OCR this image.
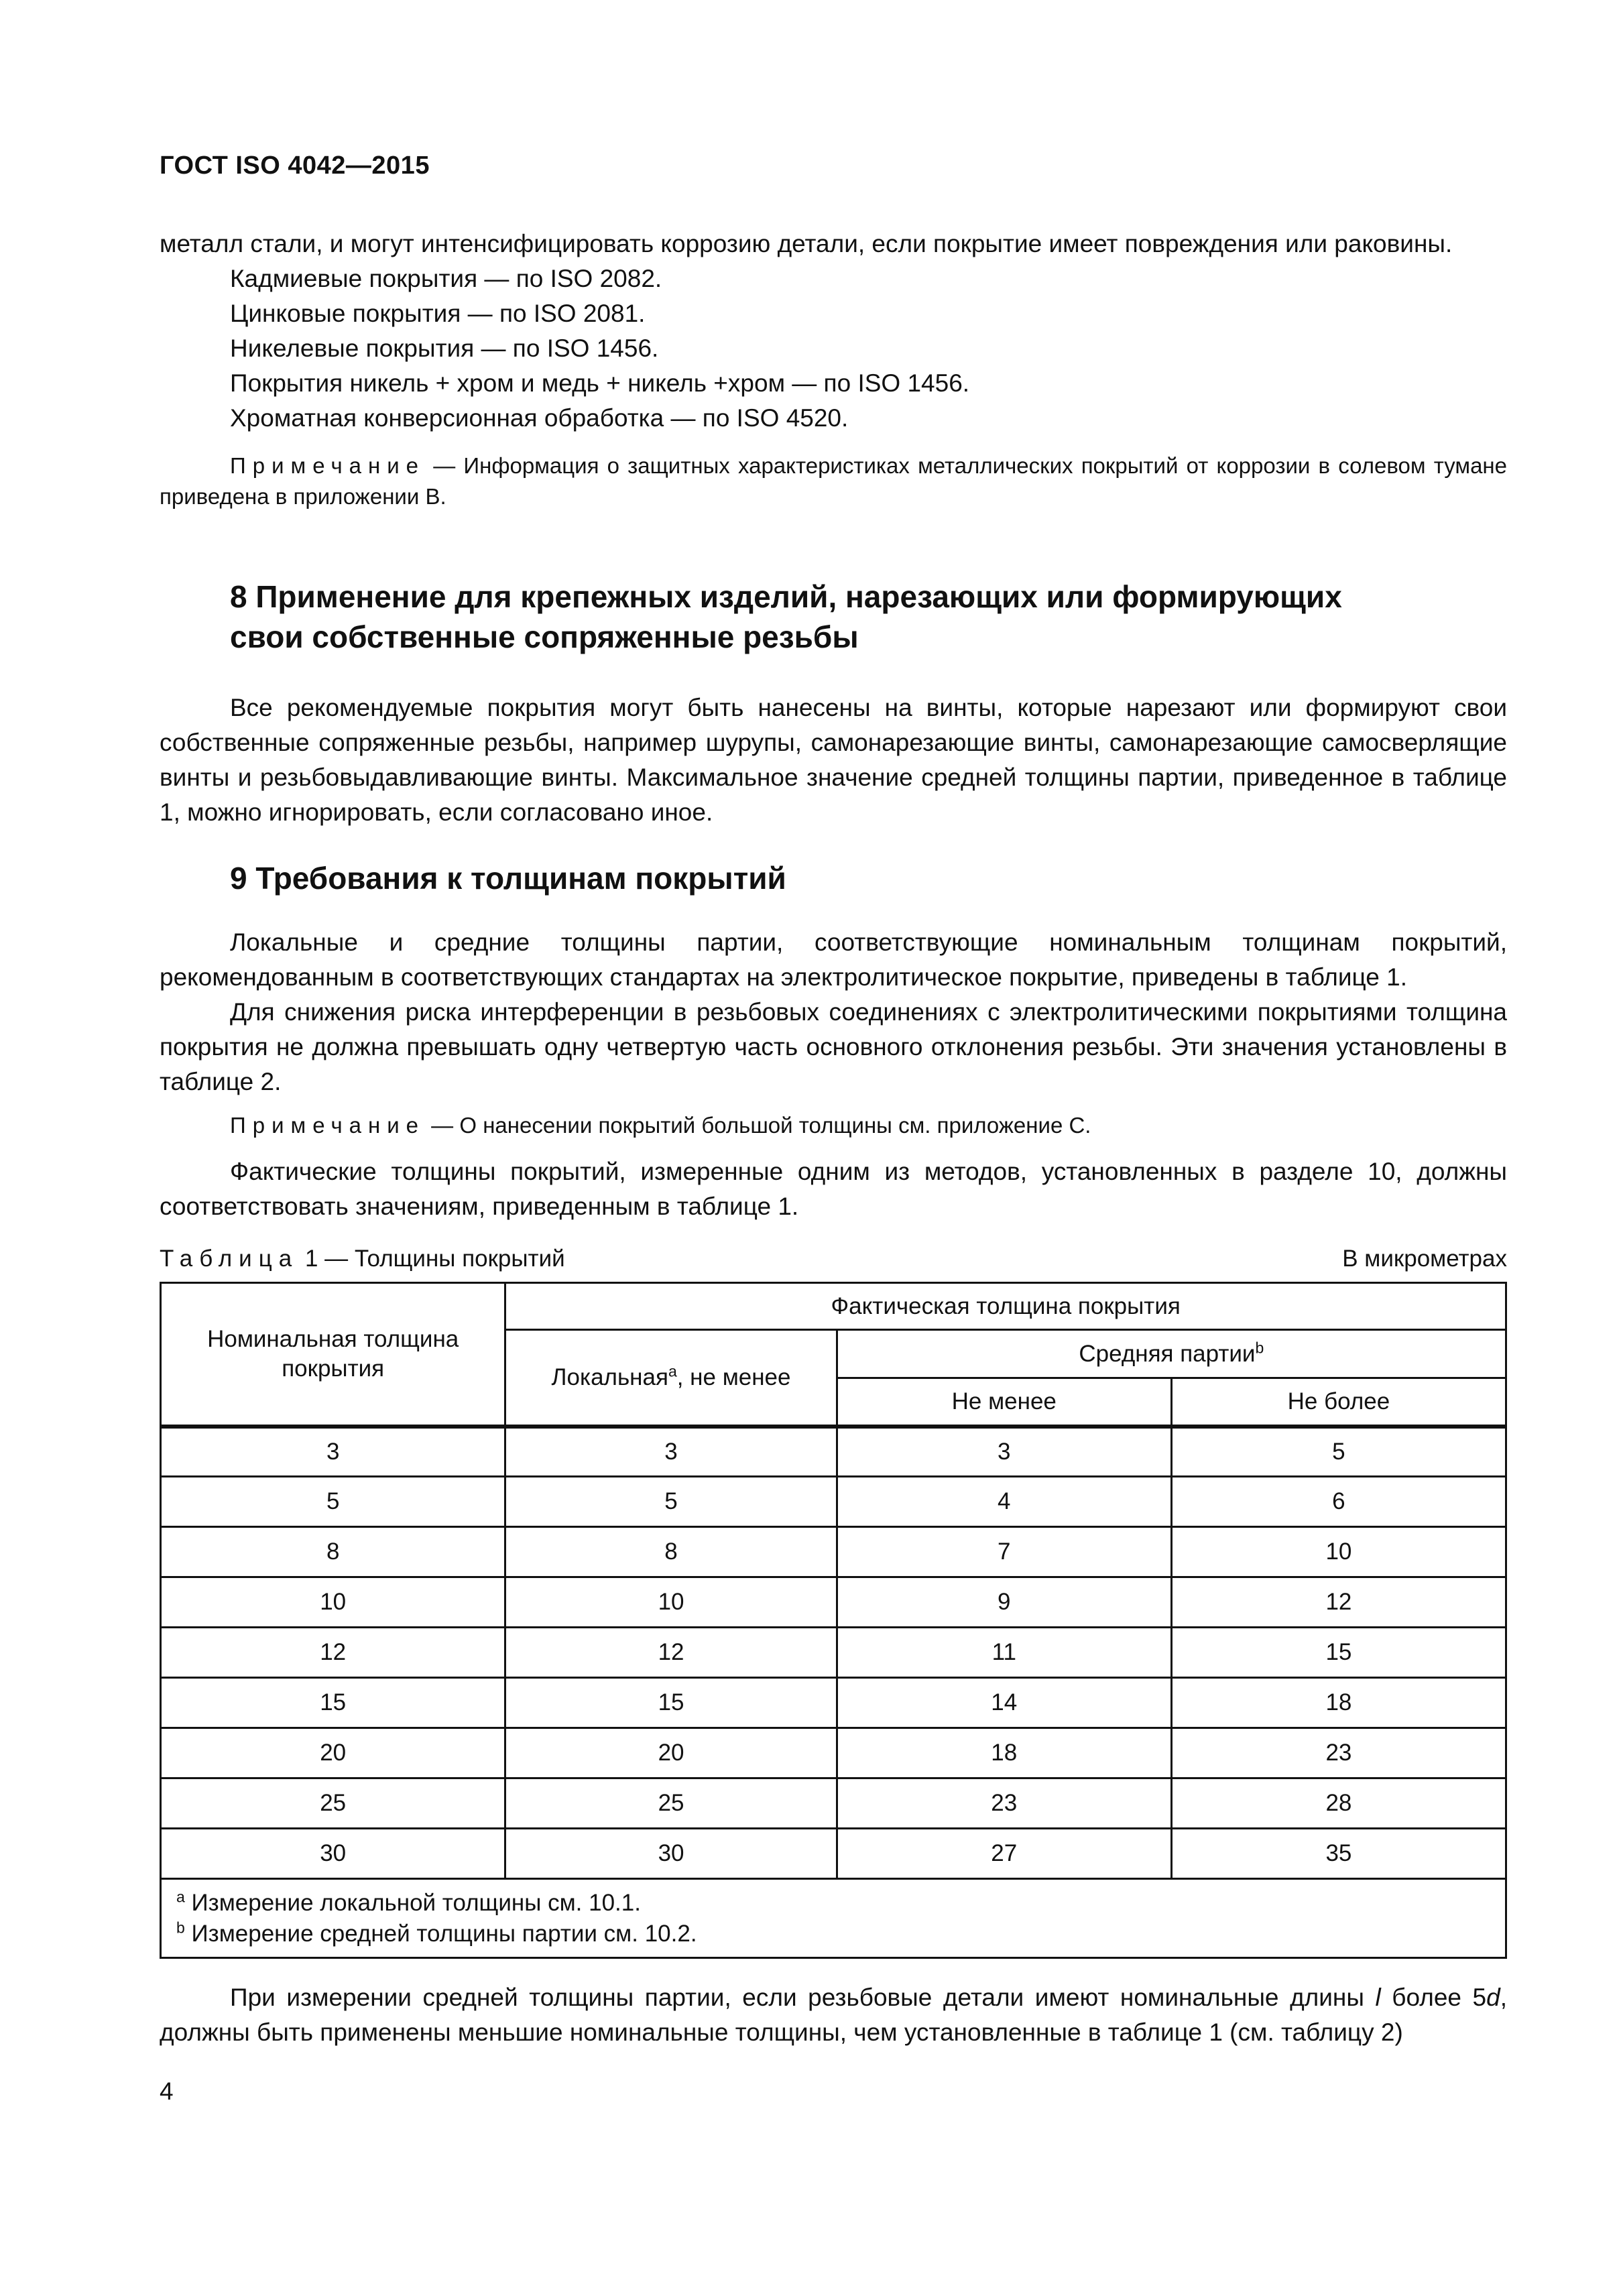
ГОСТ ISO 4042—2015
металл стали, и могут интенсифицировать коррозию детали, если покрытие имеет повреждения или раковины.
Кадмиевые покрытия — по ISO 2082.
Цинковые покрытия — по ISO 2081.
Никелевые покрытия — по ISO 1456.
Покрытия никель + хром и медь + никель +хром — по ISO 1456.
Хроматная конверсионная обработка — по ISO 4520.
Примечание — Информация о защитных характеристиках металлических покрытий от коррозии в солевом тумане приведена в приложении В.
8 Применение для крепежных изделий, нарезающих или формирующих
свои собственные сопряженные резьбы
Все рекомендуемые покрытия могут быть нанесены на винты, которые нарезают или формируют свои собственные сопряженные резьбы, например шурупы, самонарезающие винты, самонарезающие самосверлящие винты и резьбовыдавливающие винты. Максимальное значение средней толщины партии, приведенное в таблице 1, можно игнорировать, если согласовано иное.
9 Требования к толщинам покрытий
Локальные и средние толщины партии, соответствующие номинальным толщинам покрытий, рекомендованным в соответствующих стандартах на электролитическое покрытие, приведены в таблице 1.
Для снижения риска интерференции в резьбовых соединениях с электролитическими покрытиями толщина покрытия не должна превышать одну четвертую часть основного отклонения резьбы. Эти значения установлены в таблице 2.
Примечание — О нанесении покрытий большой толщины см. приложение С.
Фактические толщины покрытий, измеренные одним из методов, установленных в разделе 10, должны соответствовать значениям, приведенным в таблице 1.
Таблица 1 — Толщины покрытий	В микрометрах
Номинальная толщина покрытия	Фактическая толщина покрытия		
	Локальная$^a$, не менее	Средняя партии$^b$
		Не менее	Не более
3	3	3	5
5	5	4	6
8	8	7	10
10	10	9	12
12	12	11	15
15	15	14	18
20	20	18	23
25	25	23	28
30	30	27	35

$^a$ Измерение локальной толщины см. 10.1.
$^b$ Измерение средней толщины партии см. 10.2.			
При измерении средней толщины партии, если резьбовые детали имеют номинальные длины l более 5d, должны быть применены меньшие номинальные толщины, чем установленные в таблице 1 (см. таблицу 2)
4
